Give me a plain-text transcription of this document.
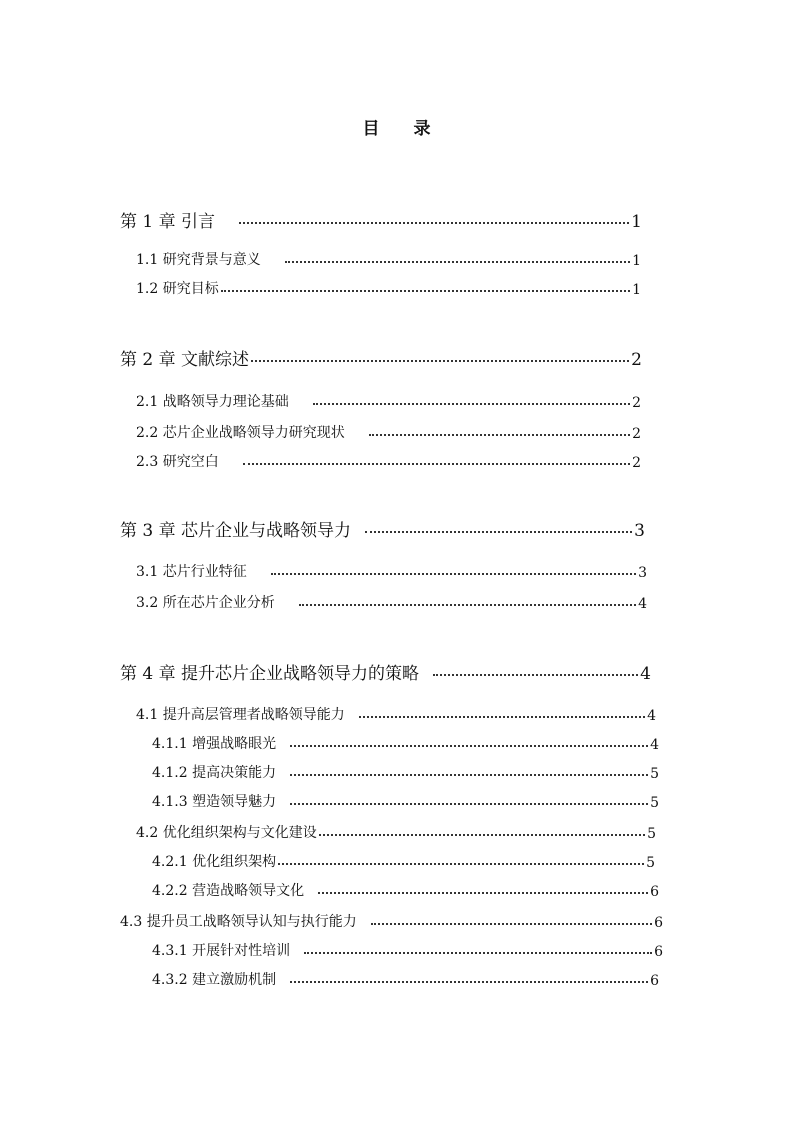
目 录
第 1 章 引言	1
1.1 研究背景与意义	1
1.2 研究目标	1
第 2 章 文献综述	2
2.1 战略领导力理论基础	2
2.2 芯片企业战略领导力研究现状	2
2.3 研究空白	2
第 3 章 芯片企业与战略领导力	3
3.1 芯片行业特征	3
3.2 所在芯片企业分析	4
第 4 章 提升芯片企业战略领导力的策略	4
4.1 提升高层管理者战略领导能力	4
4.1.1 增强战略眼光	4
4.1.2 提高决策能力	5
4.1.3 塑造领导魅力	5
4.2 优化组织架构与文化建设	5
4.2.1 优化组织架构	5
4.2.2 营造战略领导文化	6
4.3 提升员工战略领导认知与执行能力	6
4.3.1 开展针对性培训	6
4.3.2 建立激励机制	6
